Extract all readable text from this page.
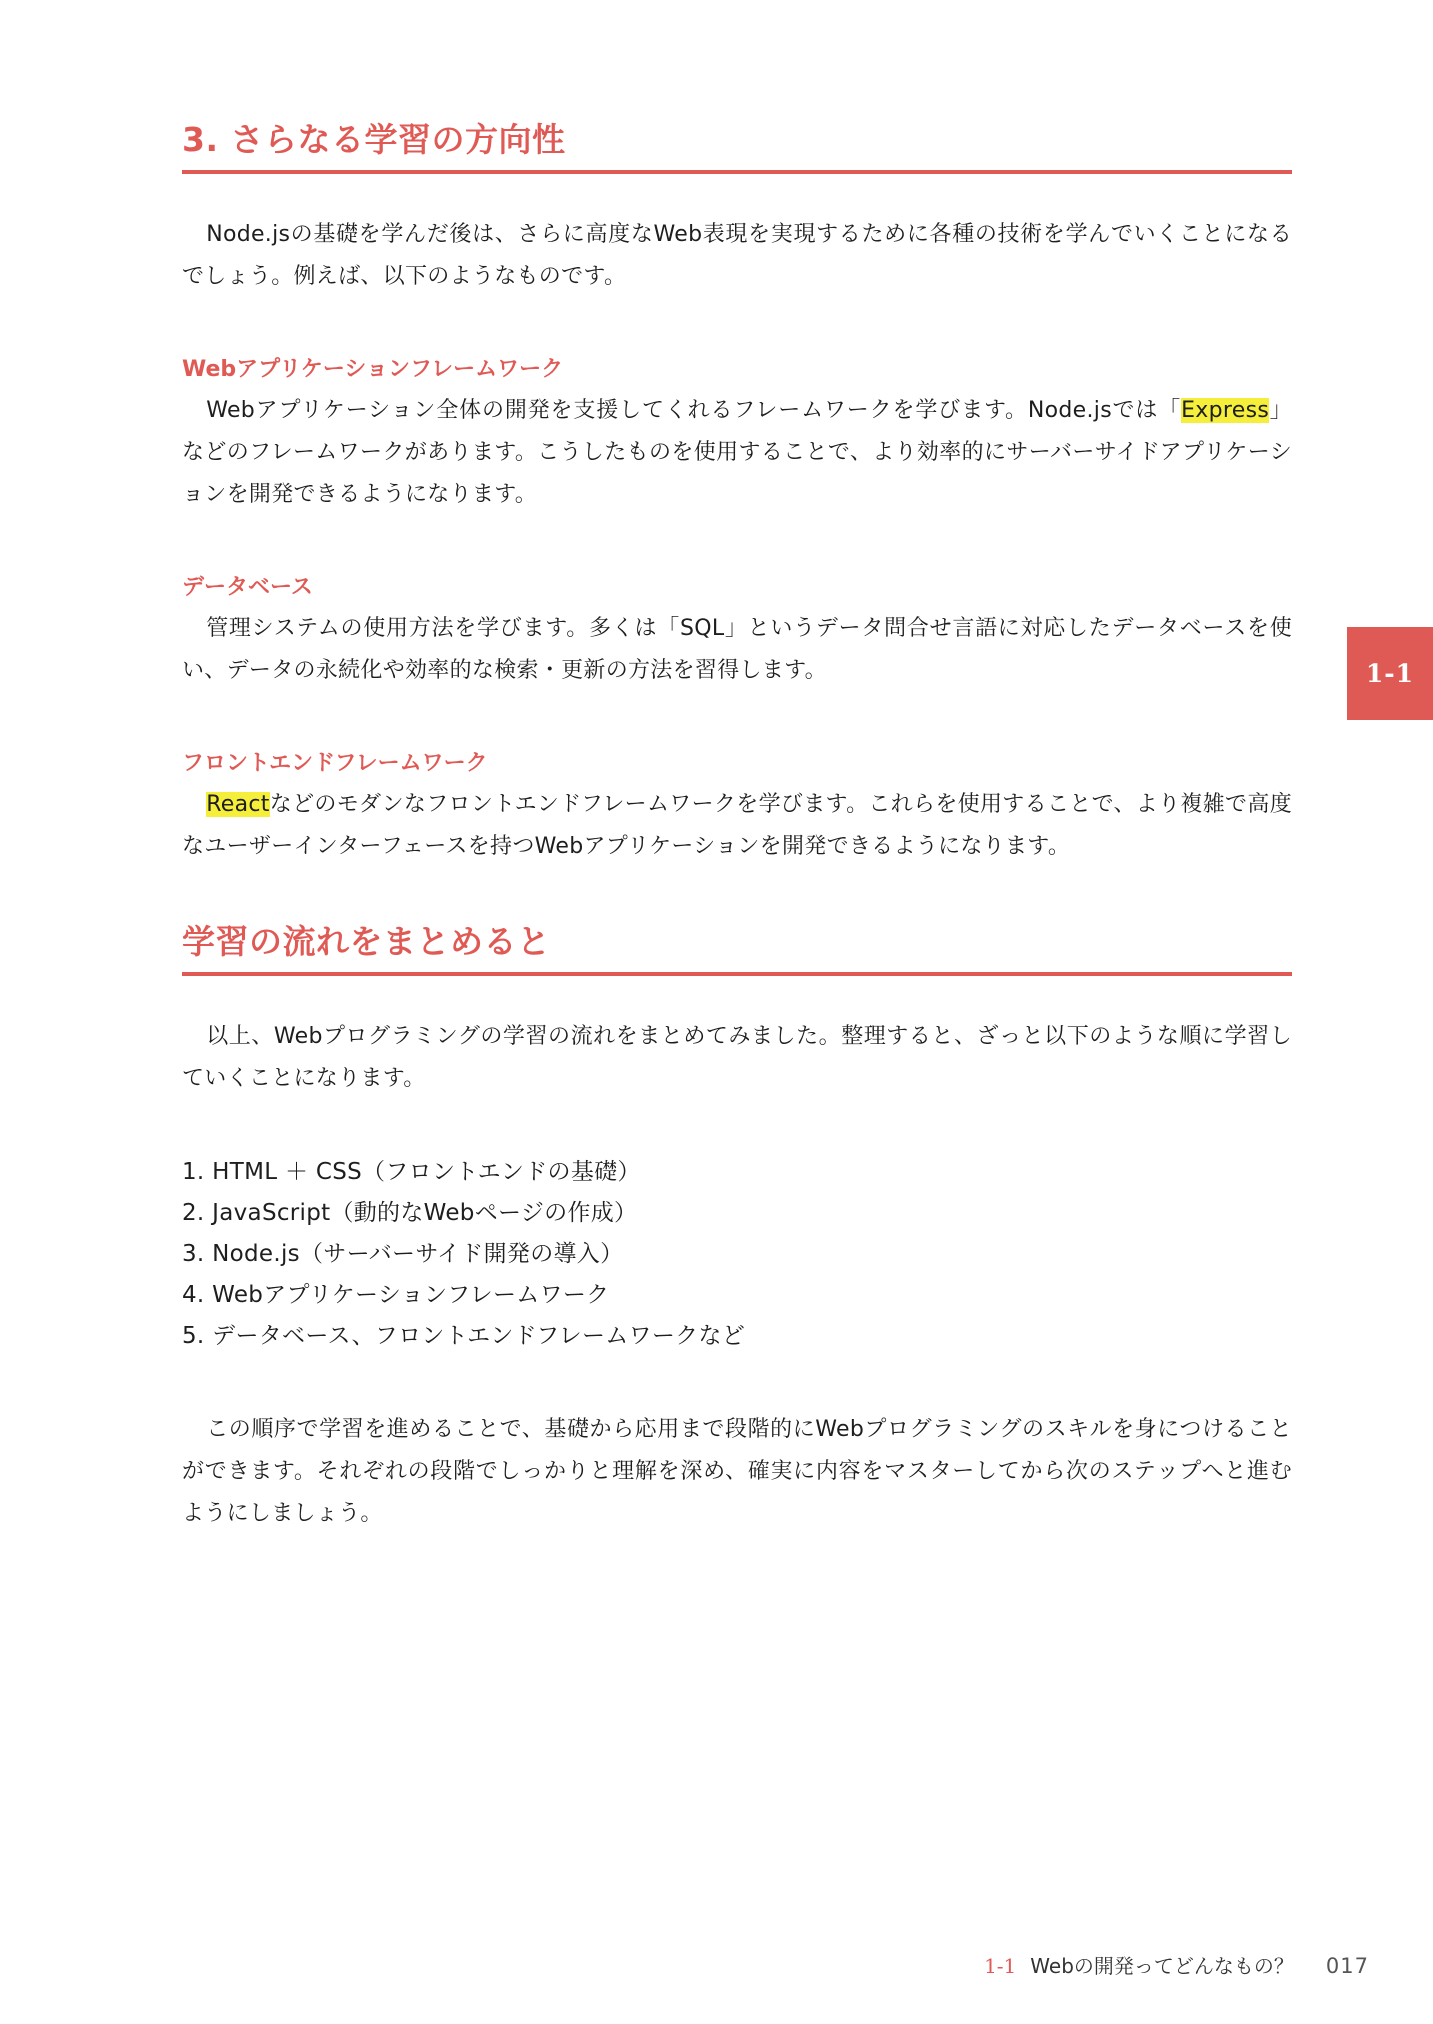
3. さらなる学習の方向性

Node.jsの基礎を学んだ後は、さらに高度なWeb表現を実現するために各種の技術を学んでいくことになるでしょう。例えば、以下のようなものです。

Webアプリケーションフレームワーク

Webアプリケーション全体の開発を支援してくれるフレームワークを学びます。Node.jsでは「Express」などのフレームワークがあります。こうしたものを使用することで、より効率的にサーバーサイドアプリケーションを開発できるようになります。

データベース

管理システムの使用方法を学びます。多くは「SQL」というデータ問合せ言語に対応したデータベースを使い、データの永続化や効率的な検索・更新の方法を習得します。

フロントエンドフレームワーク

Reactなどのモダンなフロントエンドフレームワークを学びます。これらを使用することで、より複雑で高度なユーザーインターフェースを持つWebアプリケーションを開発できるようになります。

学習の流れをまとめると

以上、Webプログラミングの学習の流れをまとめてみました。整理すると、ざっと以下のような順に学習していくことになります。

1. HTML ＋ CSS（フロントエンドの基礎）
2. JavaScript（動的なWebページの作成）
3. Node.js（サーバーサイド開発の導入）
4. Webアプリケーションフレームワーク
5. データベース、フロントエンドフレームワークなど

この順序で学習を進めることで、基礎から応用まで段階的にWebプログラミングのスキルを身につけることができます。それぞれの段階でしっかりと理解を深め、確実に内容をマスターしてから次のステップへと進むようにしましょう。

1-1
1-1 Webの開発ってどんなもの？ 017
